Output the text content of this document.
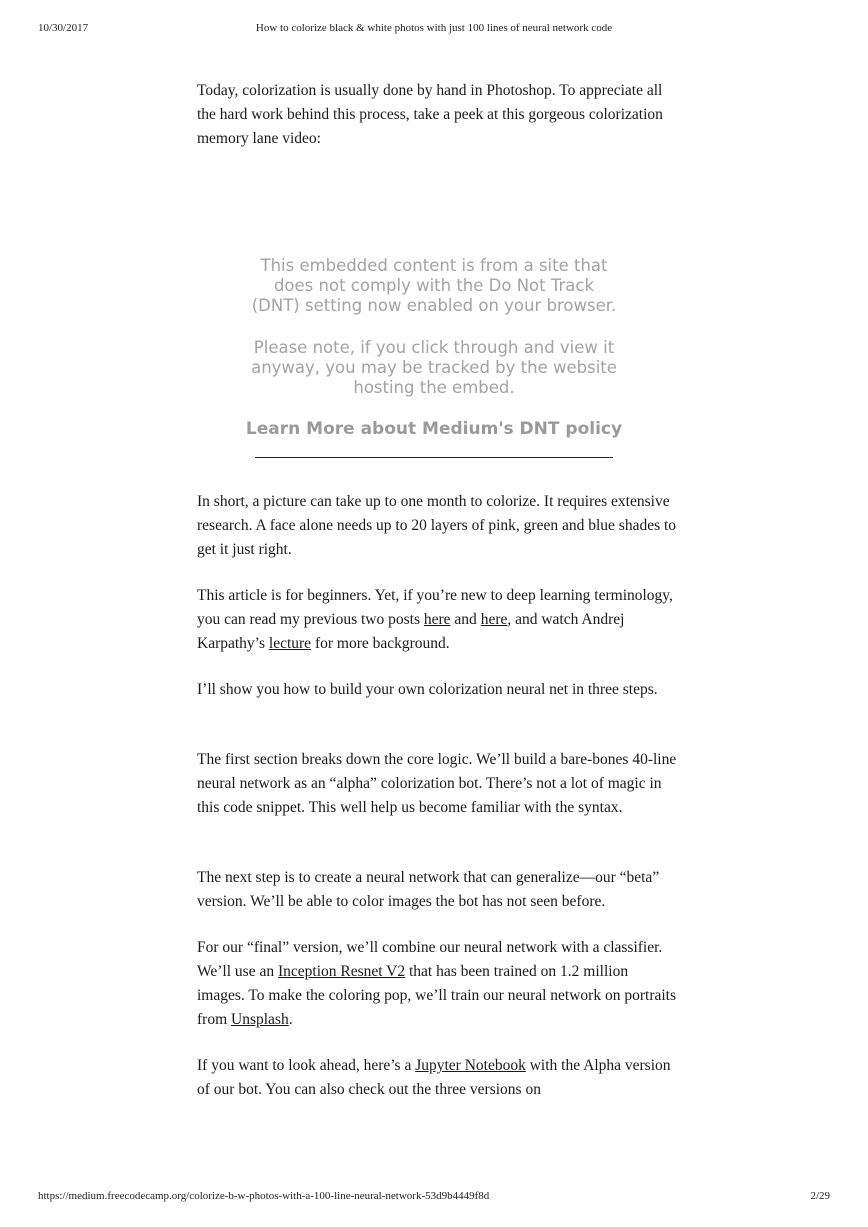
10/30/2017	How to colorize black & white photos with just 100 lines of neural network code

Today, colorization is usually done by hand in Photoshop. To appreciate all the hard work behind this process, take a peek at this gorgeous colorization memory lane video:

This embedded content is from a site that

does not comply with the Do Not Track

(DNT) setting now enabled on your browser.

Please note, if you click through and view it

anyway, you may be tracked by the website

hosting the embed.

Learn More about Medium's DNT policy

In short, a picture can take up to one month to colorize. It requires extensive research. A face alone needs up to 20 layers of pink, green and blue shades to get it just right.

This article is for beginners. Yet, if you’re new to deep learning terminology, you can read my previous two posts here and here, and watch Andrej Karpathy’s lecture for more background.

I’ll show you how to build your own colorization neural net in three steps.

The first section breaks down the core logic. We’ll build a bare-bones 40-line neural network as an “alpha” colorization bot. There’s not a lot of magic in this code snippet. This well help us become familiar with the syntax.

The next step is to create a neural network that can generalize—our “beta” version. We’ll be able to color images the bot has not seen before.

For our “final” version, we’ll combine our neural network with a classifier. We’ll use an Inception Resnet V2 that has been trained on 1.2 million images. To make the coloring pop, we’ll train our neural network on portraits from Unsplash.

If you want to look ahead, here’s a Jupyter Notebook with the Alpha version of our bot. You can also check out the three versions on

https://medium.freecodecamp.org/colorize-b-w-photos-with-a-100-line-neural-network-53d9b4449f8d	2/29
